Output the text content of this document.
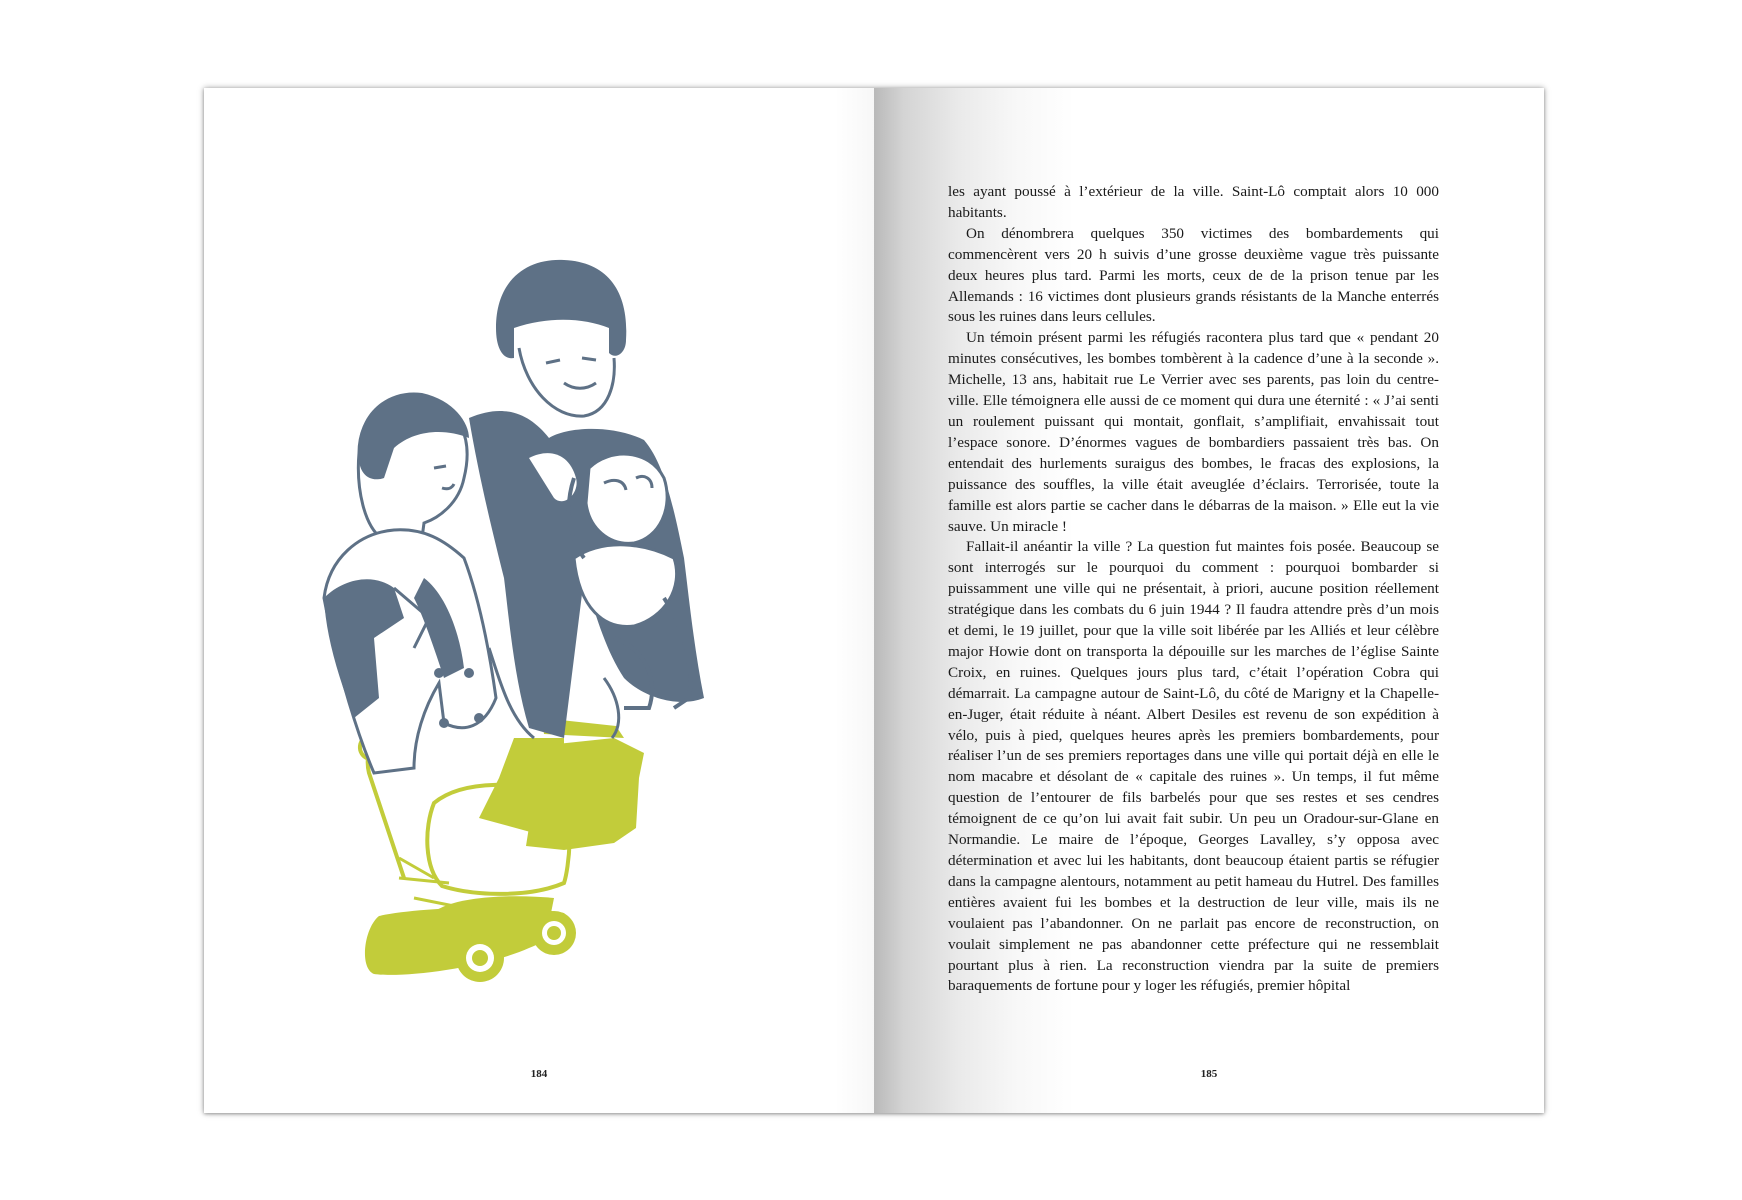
184

les ayant poussé à l’extérieur de la ville. Saint-Lô comptait alors 10 000 habitants.

On dénombrera quelques 350 victimes des bombardements qui commencèrent vers 20 h suivis d’une grosse deuxième vague très puissante deux heures plus tard. Parmi les morts, ceux de de la prison tenue par les Allemands : 16 victimes dont plusieurs grands résistants de la Manche enterrés sous les ruines dans leurs cellules.

Un témoin présent parmi les réfugiés racontera plus tard que « pendant 20 minutes consécutives, les bombes tombèrent à la cadence d’une à la seconde ». Michelle, 13 ans, habitait rue Le Verrier avec ses parents, pas loin du centre-ville. Elle témoignera elle aussi de ce moment qui dura une éternité : « J’ai senti un roulement puissant qui montait, gonflait, s’amplifiait, envahissait tout l’espace sonore. D’énormes vagues de bombardiers passaient très bas. On entendait des hurlements suraigus des bombes, le fracas des explosions, la puissance des souffles, la ville était aveuglée d’éclairs. Terrorisée, toute la famille est alors partie se cacher dans le débarras de la maison. » Elle eut la vie sauve. Un miracle !

Fallait-il anéantir la ville ? La question fut maintes fois posée. Beaucoup se sont interrogés sur le pourquoi du comment : pourquoi bombarder si puissamment une ville qui ne présentait, à priori, aucune position réellement stratégique dans les combats du 6 juin 1944 ? Il faudra attendre près d’un mois et demi, le 19 juillet, pour que la ville soit libérée par les Alliés et leur célèbre major Howie dont on transporta la dépouille sur les marches de l’église Sainte Croix, en ruines. Quelques jours plus tard, c’était l’opération Cobra qui démarrait. La campagne autour de Saint-Lô, du côté de Marigny et la Chapelle-en-Juger, était réduite à néant. Albert Desiles est revenu de son expédition à vélo, puis à pied, quelques heures après les premiers bombardements, pour réaliser l’un de ses premiers reportages dans une ville qui portait déjà en elle le nom macabre et désolant de « capitale des ruines ». Un temps, il fut même question de l’entourer de fils barbelés pour que ses restes et ses cendres témoignent de ce qu’on lui avait fait subir. Un peu un Oradour-sur-Glane en Normandie. Le maire de l’époque, Georges Lavalley, s’y opposa avec détermination et avec lui les habitants, dont beaucoup étaient partis se réfugier dans la campagne alentours, notamment au petit hameau du Hutrel. Des familles entières avaient fui les bombes et la destruction de leur ville, mais ils ne voulaient pas l’abandonner. On ne parlait pas encore de reconstruction, on voulait simplement ne pas abandonner cette préfecture qui ne ressemblait pourtant plus à rien. La reconstruction viendra par la suite de premiers baraquements de fortune pour y loger les réfugiés, premier hôpital

185
